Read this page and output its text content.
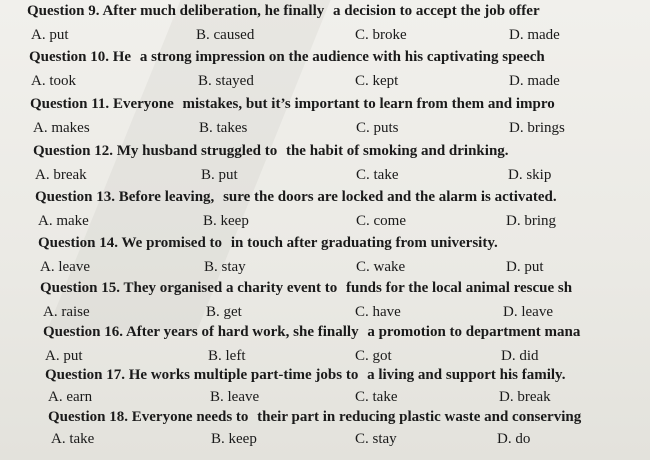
Question 9. After much deliberation, he finally a decision to accept the job offer
A. put	B. caused	C. broke	D. made
Question 10. He a strong impression on the audience with his captivating speech
A. took	B. stayed	C. kept	D. made
Question 11. Everyone mistakes, but it’s important to learn from them and impro
A. makes	B. takes	C. puts	D. brings
Question 12. My husband struggled to the habit of smoking and drinking.
A. break	B. put	C. take	D. skip
Question 13. Before leaving, sure the doors are locked and the alarm is activated.
A. make	B. keep	C. come	D. bring
Question 14. We promised to in touch after graduating from university.
A. leave	B. stay	C. wake	D. put
Question 15. They organised a charity event to funds for the local animal rescue sh
A. raise	B. get	C. have	D. leave
Question 16. After years of hard work, she finally a promotion to department mana
A. put	B. left	C. got	D. did
Question 17. He works multiple part-time jobs to a living and support his family.
A. earn	B. leave	C. take	D. break
Question 18. Everyone needs to their part in reducing plastic waste and conserving
A. take	B. keep	C. stay	D. do
